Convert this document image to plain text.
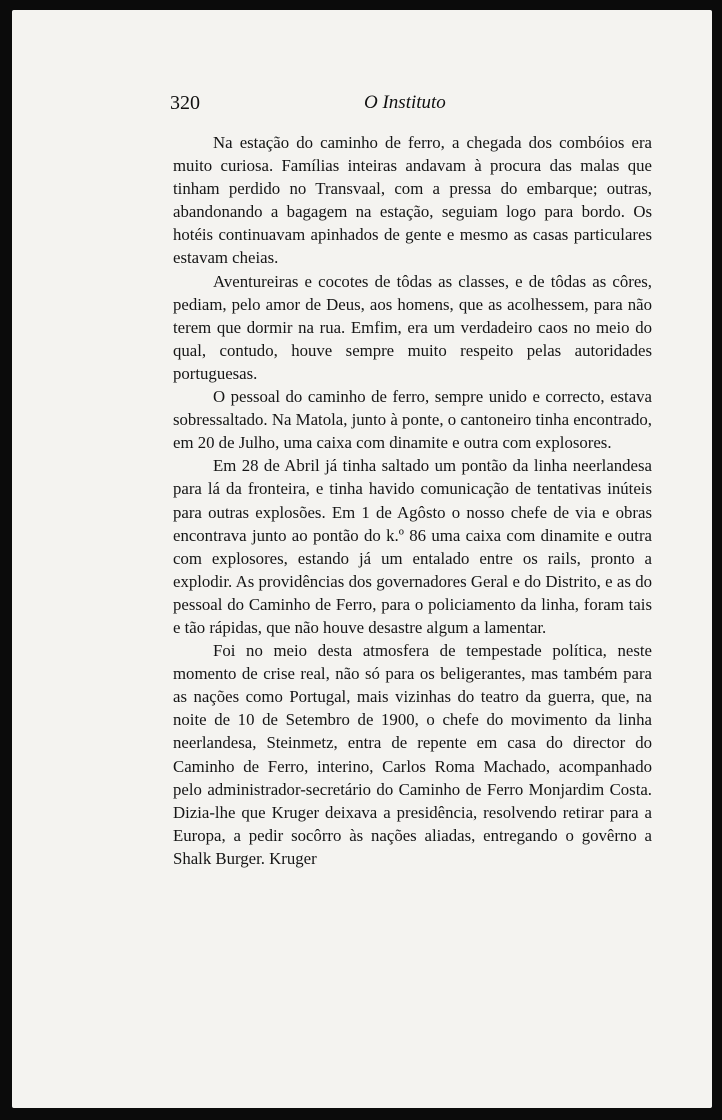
320	O Instituto

Na estação do caminho de ferro, a chegada dos combóios era muito curiosa. Famílias inteiras andavam à procura das malas que tinham perdido no Transvaal, com a pressa do embarque; outras, abandonando a bagagem na estação, seguiam logo para bordo. Os hotéis continuavam apinhados de gente e mesmo as casas particulares estavam cheias.

Aventureiras e cocotes de tôdas as classes, e de tôdas as côres, pediam, pelo amor de Deus, aos homens, que as acolhessem, para não terem que dormir na rua. Emfim, era um verdadeiro caos no meio do qual, contudo, houve sempre muito respeito pelas autoridades portuguesas.

O pessoal do caminho de ferro, sempre unido e correcto, estava sobressaltado. Na Matola, junto à ponte, o cantoneiro tinha encontrado, em 20 de Julho, uma caixa com dinamite e outra com explosores.

Em 28 de Abril já tinha saltado um pontão da linha neerlandesa para lá da fronteira, e tinha havido comunicação de tentativas inúteis para outras explosões. Em 1 de Agôsto o nosso chefe de via e obras encontrava junto ao pontão do k.º 86 uma caixa com dinamite e outra com explosores, estando já um entalado entre os rails, pronto a explodir. As providências dos governadores Geral e do Distrito, e as do pessoal do Caminho de Ferro, para o policiamento da linha, foram tais e tão rápidas, que não houve desastre algum a lamentar.

Foi no meio desta atmosfera de tempestade política, neste momento de crise real, não só para os beligerantes, mas também para as nações como Portugal, mais vizinhas do teatro da guerra, que, na noite de 10 de Setembro de 1900, o chefe do movimento da linha neerlandesa, Steinmetz, entra de repente em casa do director do Caminho de Ferro, interino, Carlos Roma Machado, acompanhado pelo administrador-secretário do Caminho de Ferro Monjardim Costa. Dizia-lhe que Kruger deixava a presidência, resolvendo retirar para a Europa, a pedir socôrro às nações aliadas, entregando o govêrno a Shalk Burger. Kruger
